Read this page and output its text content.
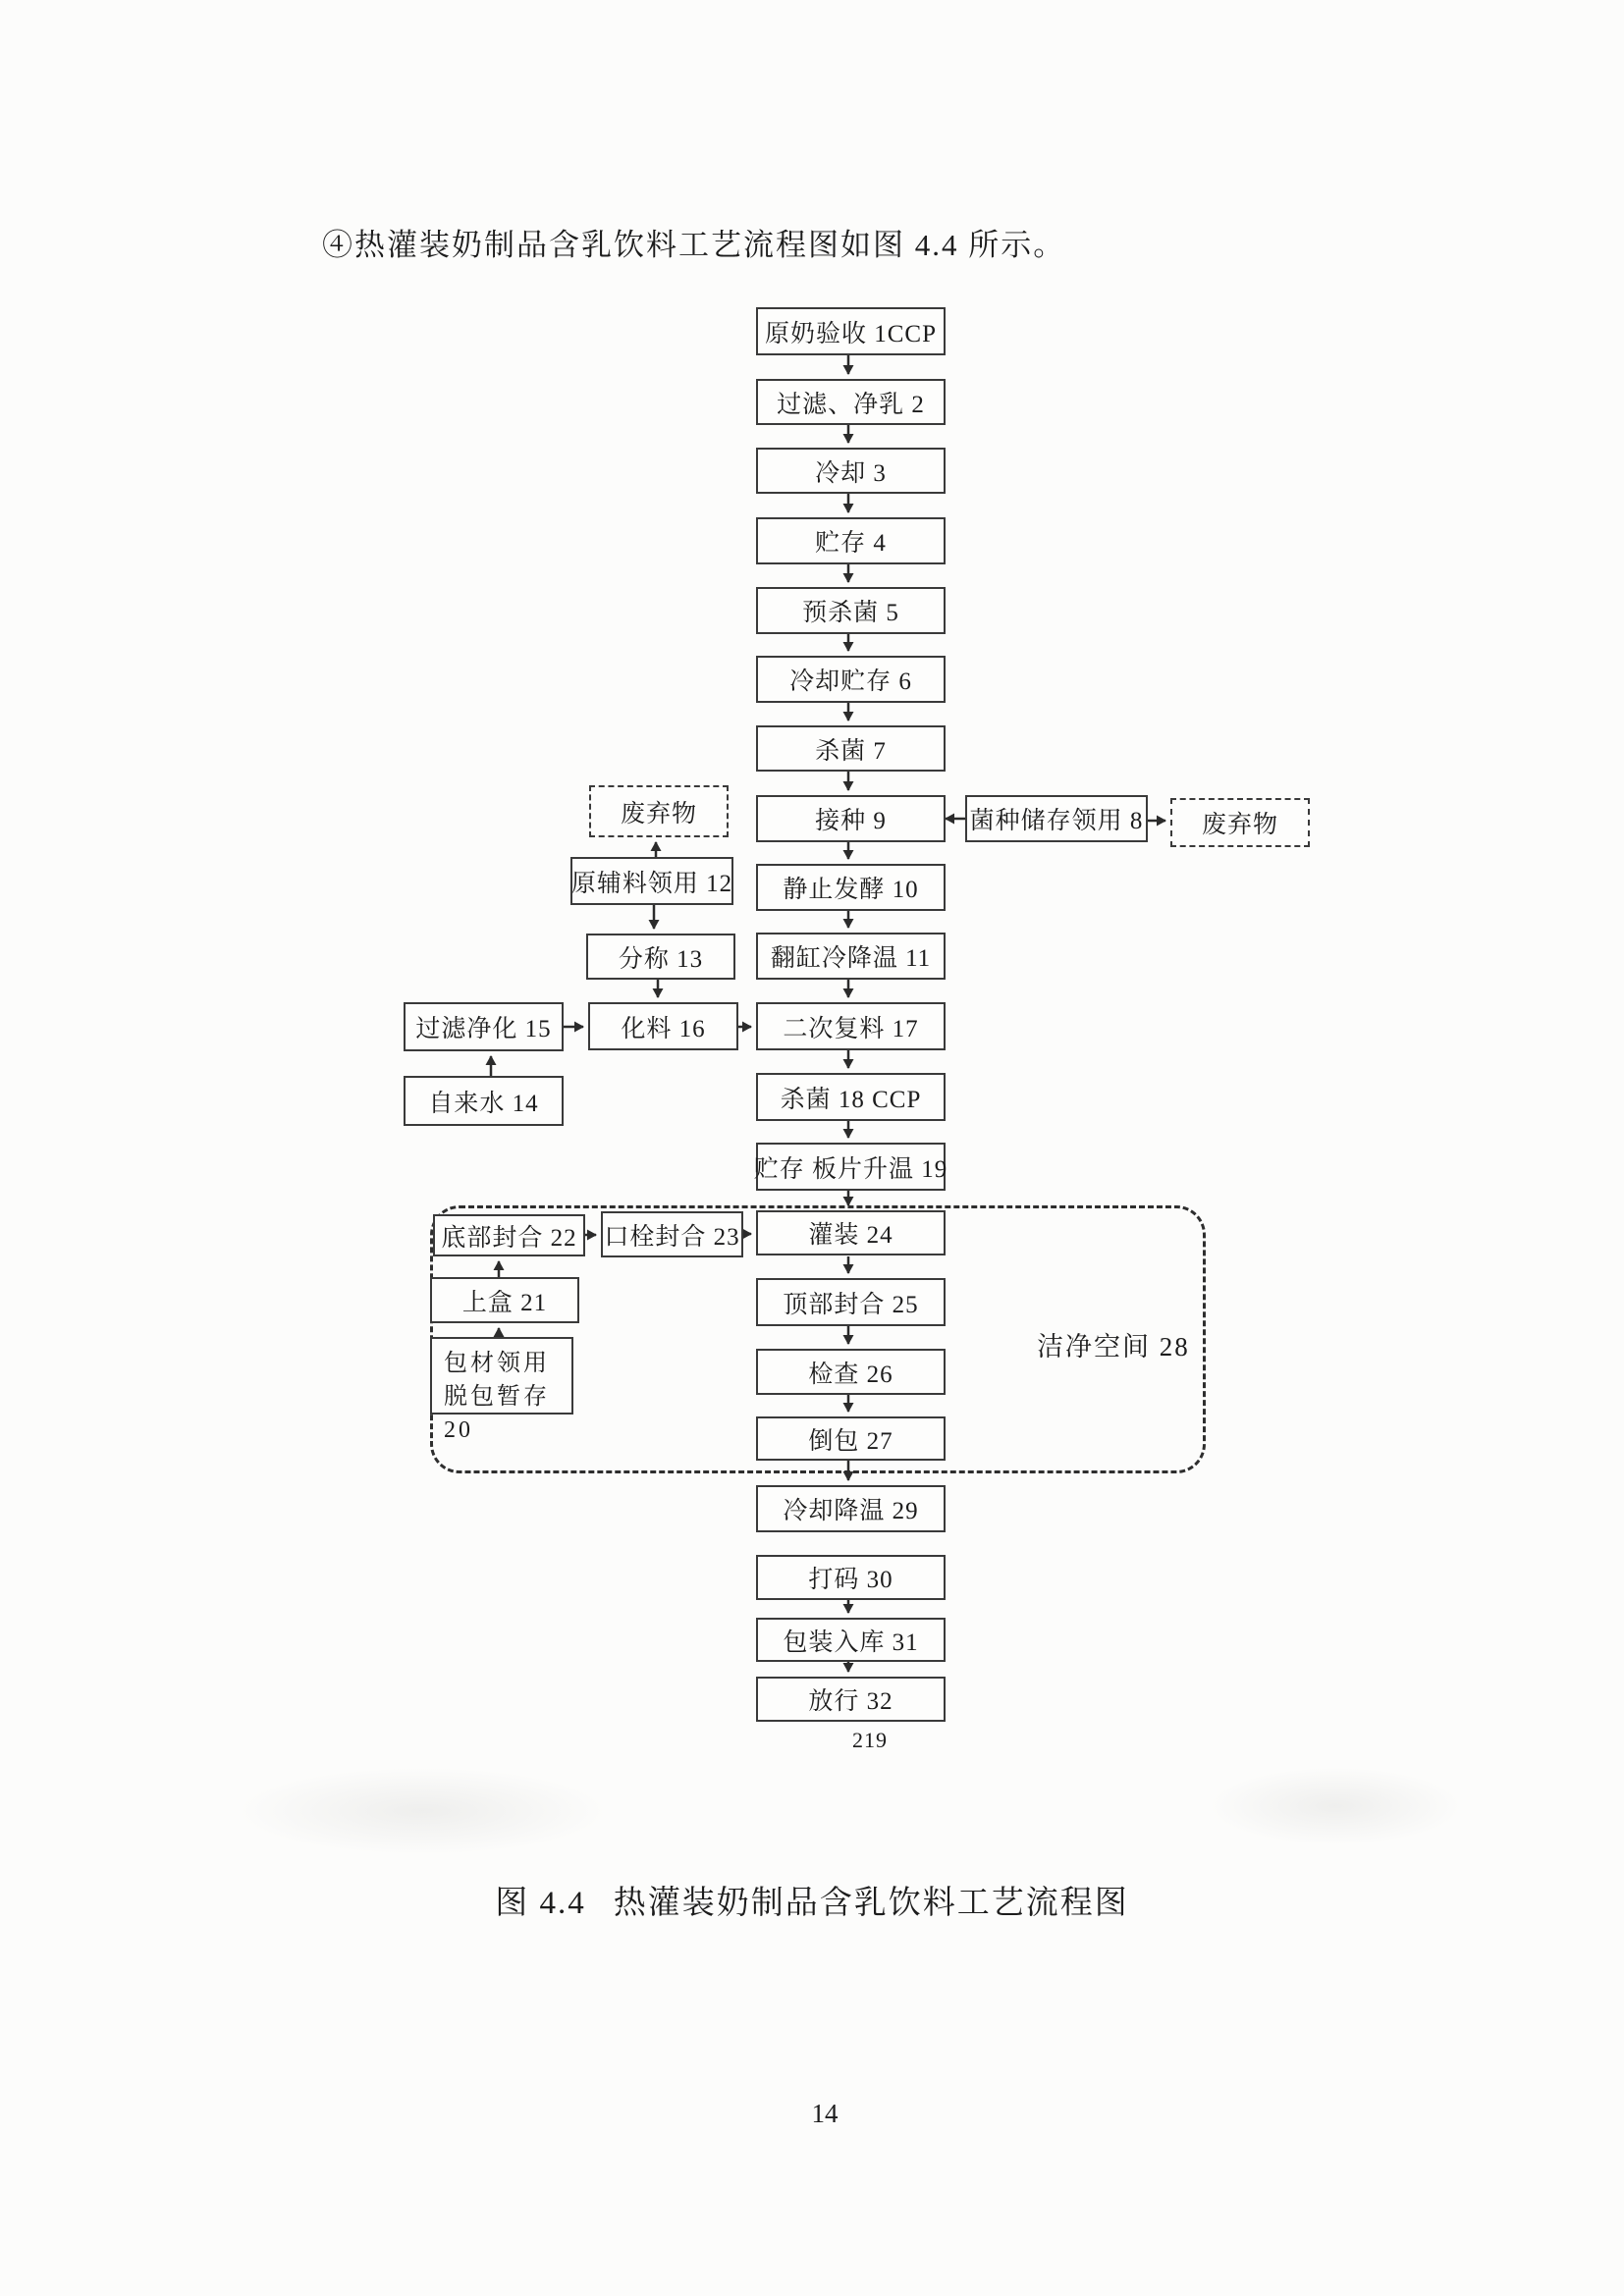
④热灌装奶制品含乳饮料工艺流程图如图 4.4 所示。
原奶验收 1CCP
过滤、净乳 2
冷却 3
贮存 4
预杀菌 5
冷却贮存 6
杀菌 7
接种 9
静止发酵 10
翻缸冷降温 11
二次复料 17
杀菌 18 CCP
贮存 板片升温 19
灌装 24
顶部封合 25
检查 26
倒包 27
冷却降温 29
打码 30
包装入库 31
放行 32
废弃物	菌种储存领用 8	废弃物
原辅料领用 12
分称 13
过滤净化 15	化料 16
自来水 14
底部封合 22	口栓封合 23
上盒 21
包材领用脱包暂存 20
洁净空间 28
219
图 4.4 热灌装奶制品含乳饮料工艺流程图
14
